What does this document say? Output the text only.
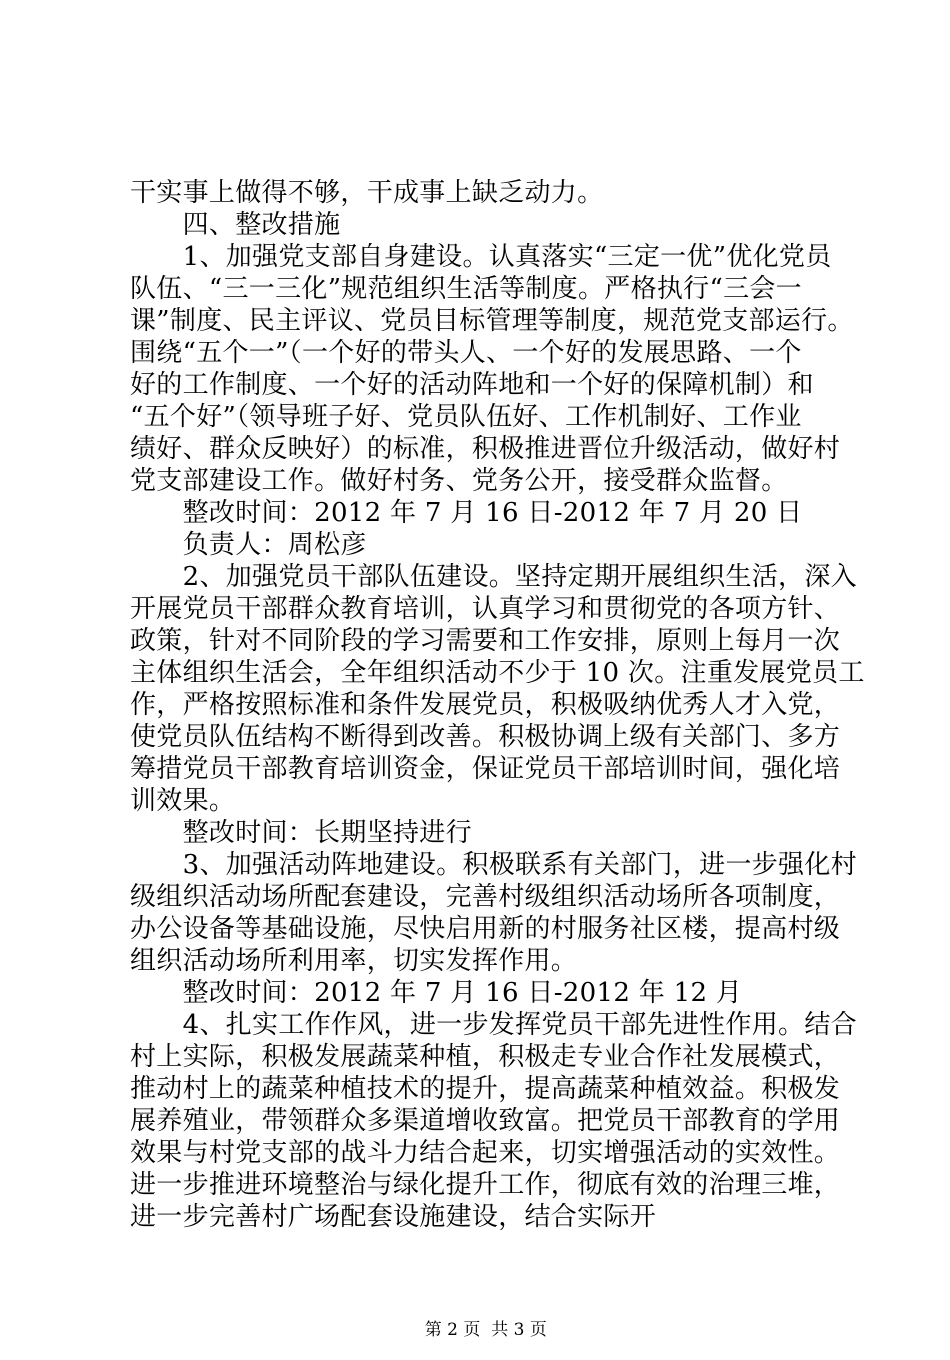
干实事上做得不够，干成事上缺乏动力。
　　四、整改措施
　　1、加强党支部自身建设。认真落实“三定一优”优化党员
队伍、“三一三化”规范组织生活等制度。严格执行“三会一
课”制度、民主评议、党员目标管理等制度，规范党支部运行。
围绕“五个一”（一个好的带头人、一个好的发展思路、一个
好的工作制度、一个好的活动阵地和一个好的保障机制）和
“五个好”（领导班子好、党员队伍好、工作机制好、工作业
绩好、群众反映好）的标准，积极推进晋位升级活动，做好村
党支部建设工作。做好村务、党务公开，接受群众监督。
　　整改时间：2012 年 7 月 16 日-2012 年 7 月 20 日
　　负责人：周松彦
　　2、加强党员干部队伍建设。坚持定期开展组织生活，深入
开展党员干部群众教育培训，认真学习和贯彻党的各项方针、
政策，针对不同阶段的学习需要和工作安排，原则上每月一次
主体组织生活会，全年组织活动不少于 10 次。注重发展党员工
作，严格按照标准和条件发展党员，积极吸纳优秀人才入党，
使党员队伍结构不断得到改善。积极协调上级有关部门、多方
筹措党员干部教育培训资金，保证党员干部培训时间，强化培
训效果。
　　整改时间：长期坚持进行
　　3、加强活动阵地建设。积极联系有关部门，进一步强化村
级组织活动场所配套建设，完善村级组织活动场所各项制度，
办公设备等基础设施，尽快启用新的村服务社区楼，提高村级
组织活动场所利用率，切实发挥作用。
　　整改时间：2012 年 7 月 16 日-2012 年 12 月
　　4、扎实工作作风，进一步发挥党员干部先进性作用。结合
村上实际，积极发展蔬菜种植，积极走专业合作社发展模式，
推动村上的蔬菜种植技术的提升，提高蔬菜种植效益。积极发
展养殖业，带领群众多渠道增收致富。把党员干部教育的学用
效果与村党支部的战斗力结合起来，切实增强活动的实效性。
进一步推进环境整治与绿化提升工作，彻底有效的治理三堆，
进一步完善村广场配套设施建设，结合实际开

第 2 页  共 3 页
